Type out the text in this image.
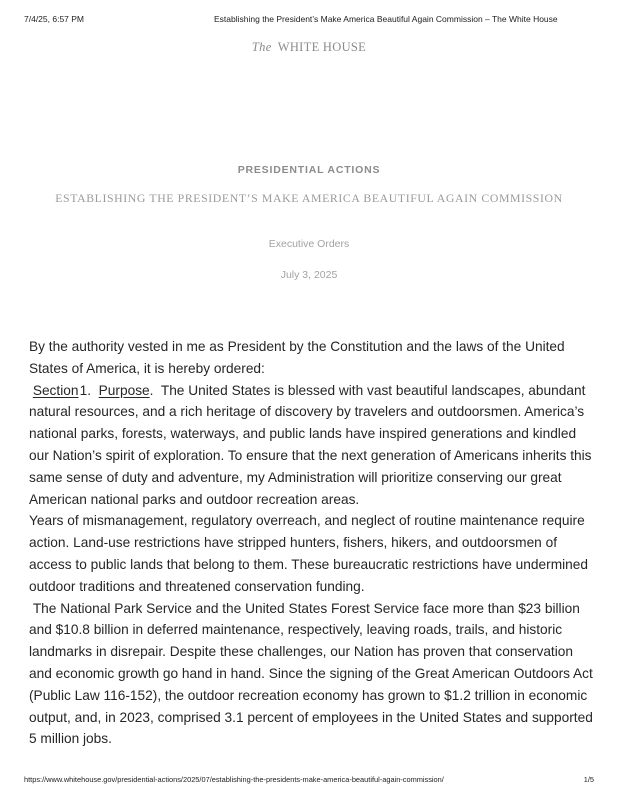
7/4/25, 6:57 PM	Establishing the President’s Make America Beautiful Again Commission – The White House
The WHITE HOUSE
PRESIDENTIAL ACTIONS
ESTABLISHING THE PRESIDENT’S MAKE AMERICA BEAUTIFUL AGAIN COMMISSION
Executive Orders
July 3, 2025

By the authority vested in me as President by the Constitution and the laws of the United States of America, it is hereby ordered:

Section 1.  Purpose.  The United States is blessed with vast beautiful landscapes, abundant natural resources, and a rich heritage of discovery by travelers and outdoorsmen. America’s national parks, forests, waterways, and public lands have inspired generations and kindled our Nation’s spirit of exploration. To ensure that the next generation of Americans inherits this same sense of duty and adventure, my Administration will prioritize conserving our great American national parks and outdoor recreation areas.

Years of mismanagement, regulatory overreach, and neglect of routine maintenance require action. Land-use restrictions have stripped hunters, fishers, hikers, and outdoorsmen of access to public lands that belong to them. These bureaucratic restrictions have undermined outdoor traditions and threatened conservation funding.

The National Park Service and the United States Forest Service face more than $23 billion and $10.8 billion in deferred maintenance, respectively, leaving roads, trails, and historic landmarks in disrepair. Despite these challenges, our Nation has proven that conservation and economic growth go hand in hand. Since the signing of the Great American Outdoors Act (Public Law 116-152), the outdoor recreation economy has grown to $1.2 trillion in economic output, and, in 2023, comprised 3.1 percent of employees in the United States and supported 5 million jobs.

https://www.whitehouse.gov/presidential-actions/2025/07/establishing-the-presidents-make-america-beautiful-again-commission/	1/5
